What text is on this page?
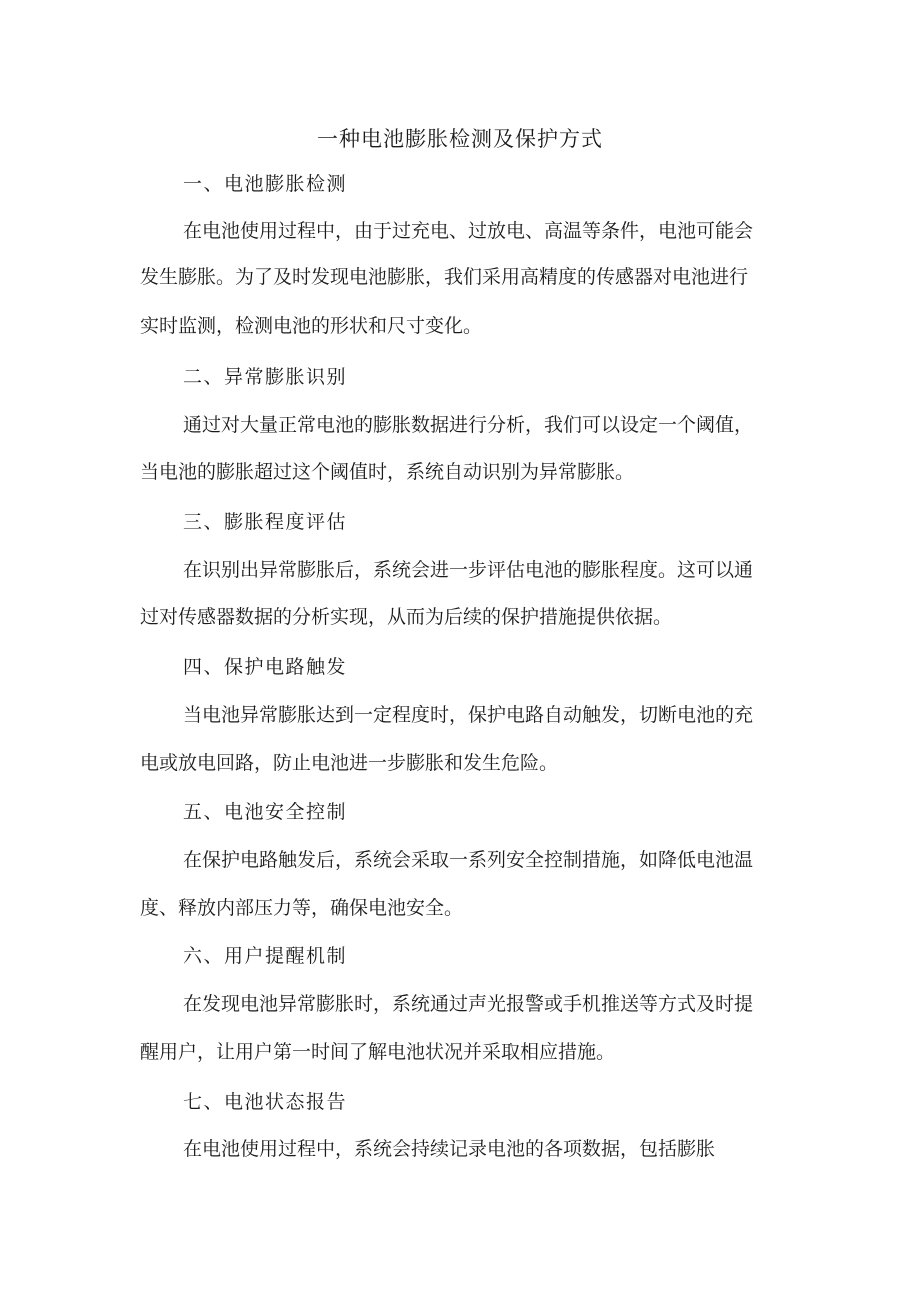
一种电池膨胀检测及保护方式

一、电池膨胀检测

在电池使用过程中，由于过充电、过放电、高温等条件，电池可能会

发生膨胀。为了及时发现电池膨胀，我们采用高精度的传感器对电池进行

实时监测，检测电池的形状和尺寸变化。

二、异常膨胀识别

通过对大量正常电池的膨胀数据进行分析，我们可以设定一个阈值，

当电池的膨胀超过这个阈值时，系统自动识别为异常膨胀。

三、膨胀程度评估

在识别出异常膨胀后，系统会进一步评估电池的膨胀程度。这可以通

过对传感器数据的分析实现，从而为后续的保护措施提供依据。

四、保护电路触发

当电池异常膨胀达到一定程度时，保护电路自动触发，切断电池的充

电或放电回路，防止电池进一步膨胀和发生危险。

五、电池安全控制

在保护电路触发后，系统会采取一系列安全控制措施，如降低电池温

度、释放内部压力等，确保电池安全。

六、用户提醒机制

在发现电池异常膨胀时，系统通过声光报警或手机推送等方式及时提

醒用户，让用户第一时间了解电池状况并采取相应措施。

七、电池状态报告

在电池使用过程中，系统会持续记录电池的各项数据，包括膨胀
